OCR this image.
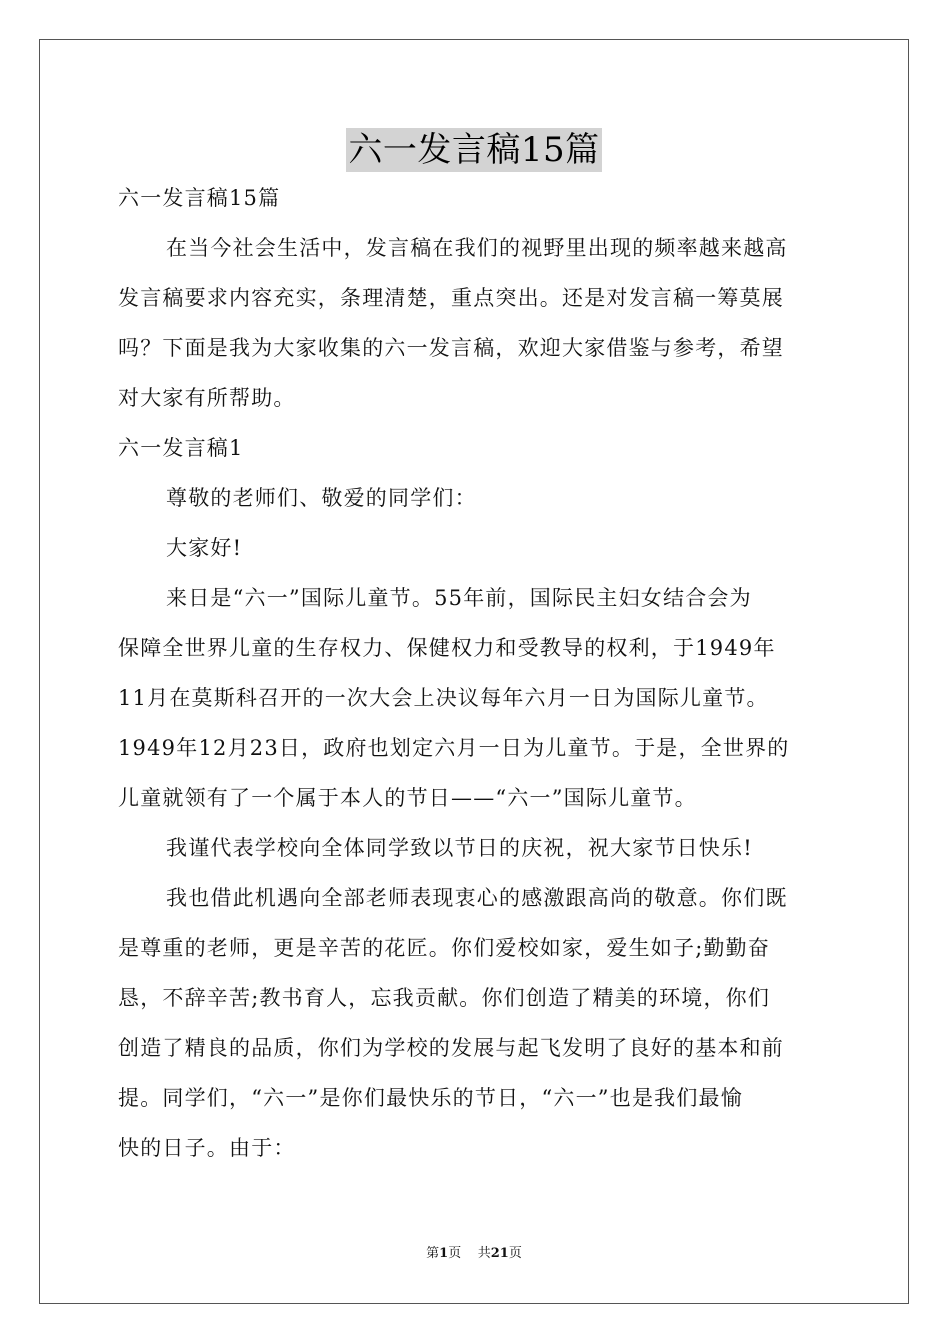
六一发言稿15篇
六一发言稿15篇
在当今社会生活中，发言稿在我们的视野里出现的频率越来越高
发言稿要求内容充实，条理清楚，重点突出。还是对发言稿一筹莫展
吗？下面是我为大家收集的六一发言稿，欢迎大家借鉴与参考，希望
对大家有所帮助。
六一发言稿1
尊敬的老师们、敬爱的同学们：
大家好!
来日是“六一”国际儿童节。55年前，国际民主妇女结合会为
保障全世界儿童的生存权力、保健权力和受教导的权利，于1949年
11月在莫斯科召开的一次大会上决议每年六月一日为国际儿童节。
1949年12月23日，政府也划定六月一日为儿童节。于是，全世界的
儿童就领有了一个属于本人的节日——“六一”国际儿童节。
我谨代表学校向全体同学致以节日的庆祝，祝大家节日快乐!
我也借此机遇向全部老师表现衷心的感激跟高尚的敬意。你们既
是尊重的老师，更是辛苦的花匠。你们爱校如家，爱生如子;勤勤奋
恳，不辞辛苦;教书育人，忘我贡献。你们创造了精美的环境，你们
创造了精良的品质，你们为学校的发展与起飞发明了良好的基本和前
提。同学们，“六一”是你们最快乐的节日，“六一”也是我们最愉
快的日子。由于：
第1页 共21页
